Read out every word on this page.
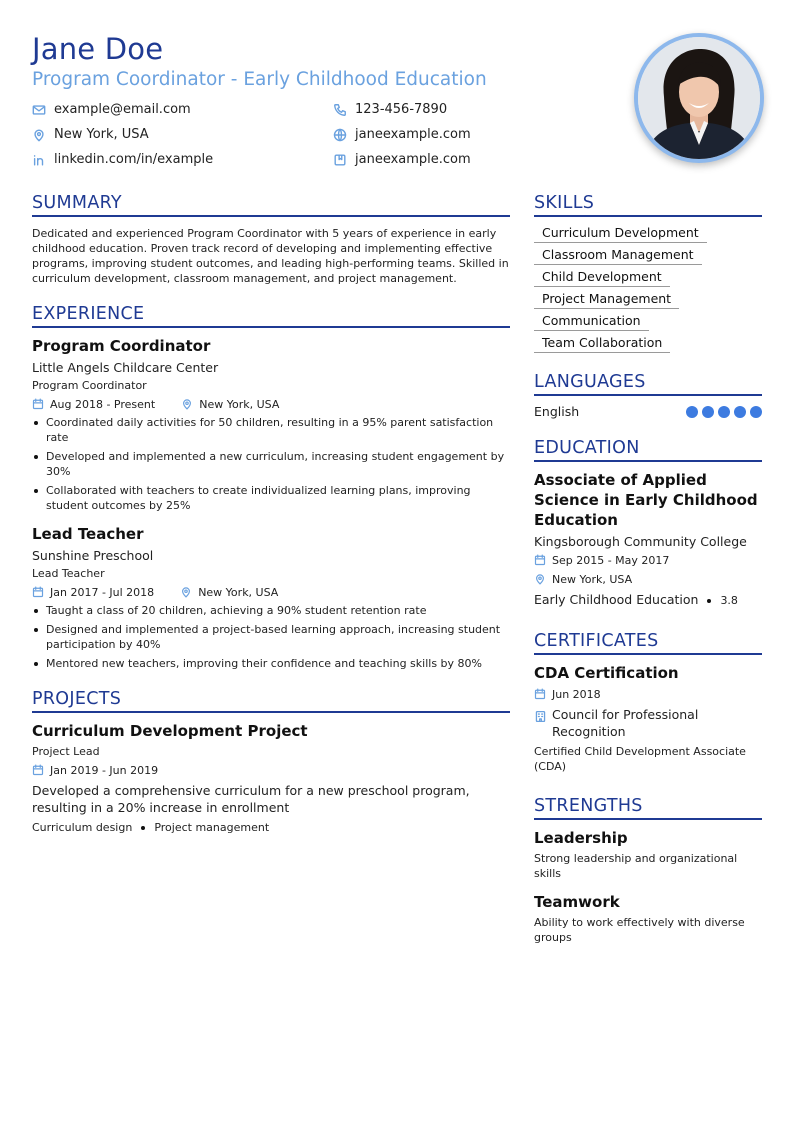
Jane Doe
Program Coordinator - Early Childhood Education
example@email.com	123-456-7890
New York, USA	janeexample.com
linkedin.com/in/example	janeexample.com
SUMMARY

Dedicated and experienced Program Coordinator with 5 years of experience in early childhood education. Proven track record of developing and implementing effective programs, improving student outcomes, and leading high-performing teams. Skilled in curriculum development, classroom management, and project management.

EXPERIENCE
Program Coordinator
Little Angels Childcare Center
Program Coordinator
Aug 2018 - Present	New York, USA
Coordinated daily activities for 50 children, resulting in a 95% parent satisfaction rate
Developed and implemented a new curriculum, increasing student engagement by 30%
Collaborated with teachers to create individualized learning plans, improving student outcomes by 25%
Lead Teacher
Sunshine Preschool
Lead Teacher
Jan 2017 - Jul 2018	New York, USA
Taught a class of 20 children, achieving a 90% student retention rate
Designed and implemented a project-based learning approach, increasing student participation by 40%
Mentored new teachers, improving their confidence and teaching skills by 80%
PROJECTS
Curriculum Development Project
Project Lead
Jan 2019 - Jun 2019
Developed a comprehensive curriculum for a new preschool program, resulting in a 20% increase in enrollment
Curriculum design Project management
SKILLS
Curriculum Development
Classroom Management
Child Development
Project Management
Communication
Team Collaboration
LANGUAGES
English
EDUCATION
Associate of Applied Science in Early Childhood Education
Kingsborough Community College
Sep 2015 - May 2017
New York, USA
Early Childhood Education 3.8
CERTIFICATES
CDA Certification
Jun 2018
Council for Professional Recognition
Certified Child Development Associate (CDA)
STRENGTHS
Leadership
Strong leadership and organizational skills
Teamwork
Ability to work effectively with diverse groups
